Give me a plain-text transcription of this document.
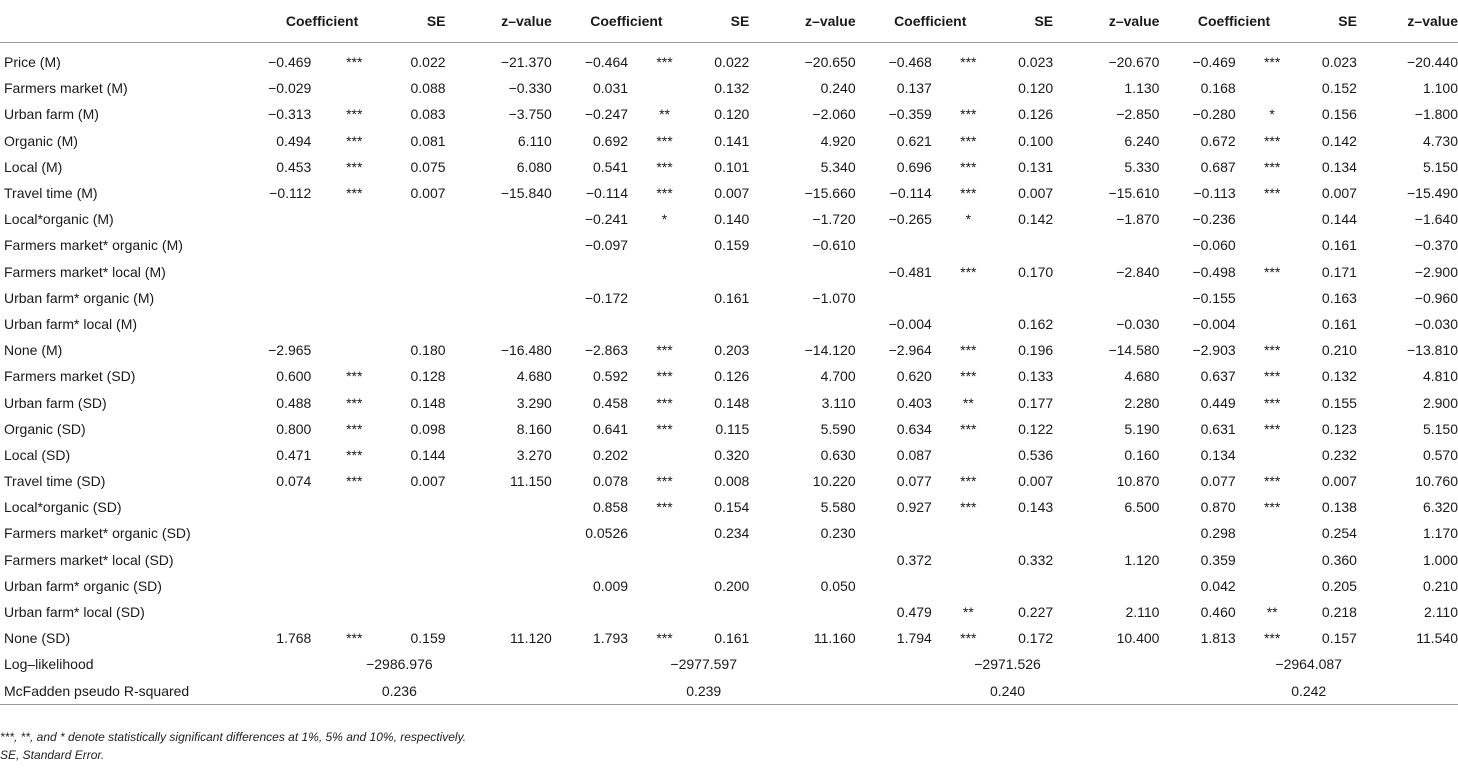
	Coefficient		SE	z–value	Coefficient		SE	z–value	Coefficient		SE	z–value	Coefficient		SE	z–value
Price (M)	−0.469	***	0.022	−21.370	−0.464	***	0.022	−20.650	−0.468	***	0.023	−20.670	−0.469	***	0.023	−20.440
Farmers market (M)	−0.029		0.088	−0.330	0.031		0.132	0.240	0.137		0.120	1.130	0.168		0.152	1.100
Urban farm (M)	−0.313	***	0.083	−3.750	−0.247	**	0.120	−2.060	−0.359	***	0.126	−2.850	−0.280	*	0.156	−1.800
Organic (M)	0.494	***	0.081	6.110	0.692	***	0.141	4.920	0.621	***	0.100	6.240	0.672	***	0.142	4.730
Local (M)	0.453	***	0.075	6.080	0.541	***	0.101	5.340	0.696	***	0.131	5.330	0.687	***	0.134	5.150
Travel time (M)	−0.112	***	0.007	−15.840	−0.114	***	0.007	−15.660	−0.114	***	0.007	−15.610	−0.113	***	0.007	−15.490
Local*organic (M)					−0.241	*	0.140	−1.720	−0.265	*	0.142	−1.870	−0.236		0.144	−1.640
Farmers market* organic (M)					−0.097		0.159	−0.610					−0.060		0.161	−0.370
Farmers market* local (M)									−0.481	***	0.170	−2.840	−0.498	***	0.171	−2.900
Urban farm* organic (M)					−0.172		0.161	−1.070					−0.155		0.163	−0.960
Urban farm* local (M)									−0.004		0.162	−0.030	−0.004		0.161	−0.030
None (M)	−2.965		0.180	−16.480	−2.863	***	0.203	−14.120	−2.964	***	0.196	−14.580	−2.903	***	0.210	−13.810
Farmers market (SD)	0.600	***	0.128	4.680	0.592	***	0.126	4.700	0.620	***	0.133	4.680	0.637	***	0.132	4.810
Urban farm (SD)	0.488	***	0.148	3.290	0.458	***	0.148	3.110	0.403	**	0.177	2.280	0.449	***	0.155	2.900
Organic (SD)	0.800	***	0.098	8.160	0.641	***	0.115	5.590	0.634	***	0.122	5.190	0.631	***	0.123	5.150
Local (SD)	0.471	***	0.144	3.270	0.202		0.320	0.630	0.087		0.536	0.160	0.134		0.232	0.570
Travel time (SD)	0.074	***	0.007	11.150	0.078	***	0.008	10.220	0.077	***	0.007	10.870	0.077	***	0.007	10.760
Local*organic (SD)					0.858	***	0.154	5.580	0.927	***	0.143	6.500	0.870	***	0.138	6.320
Farmers market* organic (SD)					0.0526		0.234	0.230					0.298		0.254	1.170
Farmers market* local (SD)									0.372		0.332	1.120	0.359		0.360	1.000
Urban farm* organic (SD)					0.009		0.200	0.050					0.042		0.205	0.210
Urban farm* local (SD)									0.479	**	0.227	2.110	0.460	**	0.218	2.110
None (SD)	1.768	***	0.159	11.120	1.793	***	0.161	11.160	1.794	***	0.172	10.400	1.813	***	0.157	11.540
Log–likelihood	−2986.976				−2977.597				−2971.526				−2964.087			
McFadden pseudo R-squared	0.236				0.239				0.240				0.242			
***, **, and * denote statistically significant differences at 1%, 5% and 10%, respectively.
SE, Standard Error.
